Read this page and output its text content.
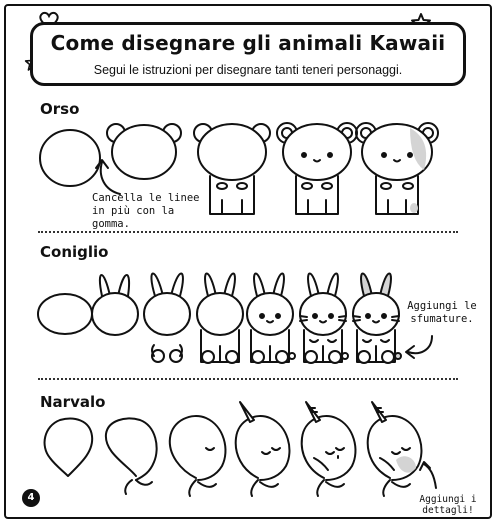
Come disegnare gli animali Kawaii
Segui le istruzioni per disegnare tanti teneri personaggi.
Orso
Coniglio
Narvalo
Cancella le linee in più con la gomma.
Aggiungi le sfumature.
Aggiungi i dettagli!
4
